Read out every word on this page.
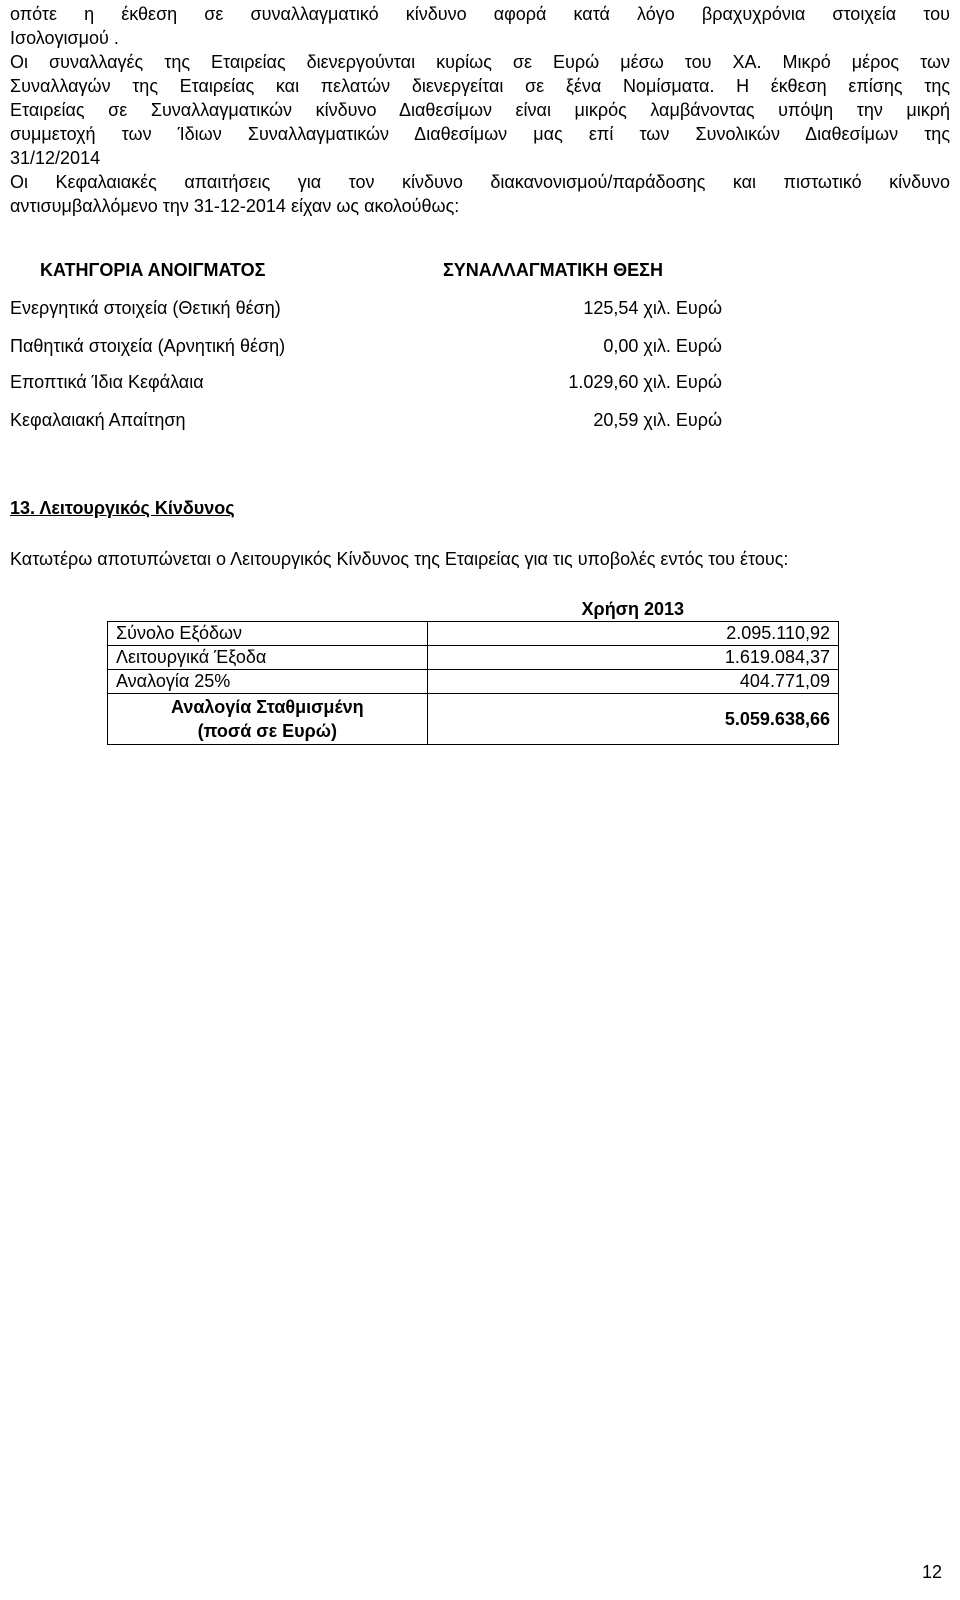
οπότε η έκθεση σε συναλλαγματικό κίνδυνο αφορά κατά λόγο βραχυχρόνια στοιχεία του
Ισολογισμού .
Οι συναλλαγές της Εταιρείας διενεργούνται κυρίως σε Ευρώ μέσω του ΧΑ. Μικρό μέρος των
Συναλλαγών της Εταιρείας και πελατών διενεργείται σε ξένα Νομίσματα. Η έκθεση επίσης της
Εταιρείας σε Συναλλαγματικών κίνδυνο Διαθεσίμων είναι μικρός λαμβάνοντας υπόψη την μικρή
συμμετοχή των Ίδιων Συναλλαγματικών Διαθεσίμων μας επί των Συνολικών Διαθεσίμων της
31/12/2014
Οι Κεφαλαιακές απαιτήσεις για τον κίνδυνο διακανονισμού/παράδοσης και πιστωτικό κίνδυνο
αντισυμβαλλόμενο την 31-12-2014 είχαν ως ακολούθως:
ΚΑΤΗΓΟΡΙΑ ΑΝΟΙΓΜΑΤΟΣ	ΣΥΝΑΛΛΑΓΜΑΤΙΚΗ ΘΕΣΗ
Ενεργητικά στοιχεία (Θετική θέση)	125,54 χιλ. Ευρώ
Παθητικά στοιχεία (Αρνητική θέση)	0,00 χιλ. Ευρώ
Εποπτικά Ίδια Κεφάλαια	1.029,60 χιλ. Ευρώ
Κεφαλαιακή Απαίτηση	20,59 χιλ. Ευρώ
13. Λειτουργικός Κίνδυνος
Κατωτέρω αποτυπώνεται ο Λειτουργικός Κίνδυνος της Εταιρείας για τις υποβολές εντός του έτους:
	Χρήση 2013
Σύνολο Εξόδων	2.095.110,92
Λειτουργικά Έξοδα	1.619.084,37
Αναλογία 25%	404.771,09

Αναλογία Σταθμισμένη
(ποσά σε Ευρώ)	5.059.638,66
12
